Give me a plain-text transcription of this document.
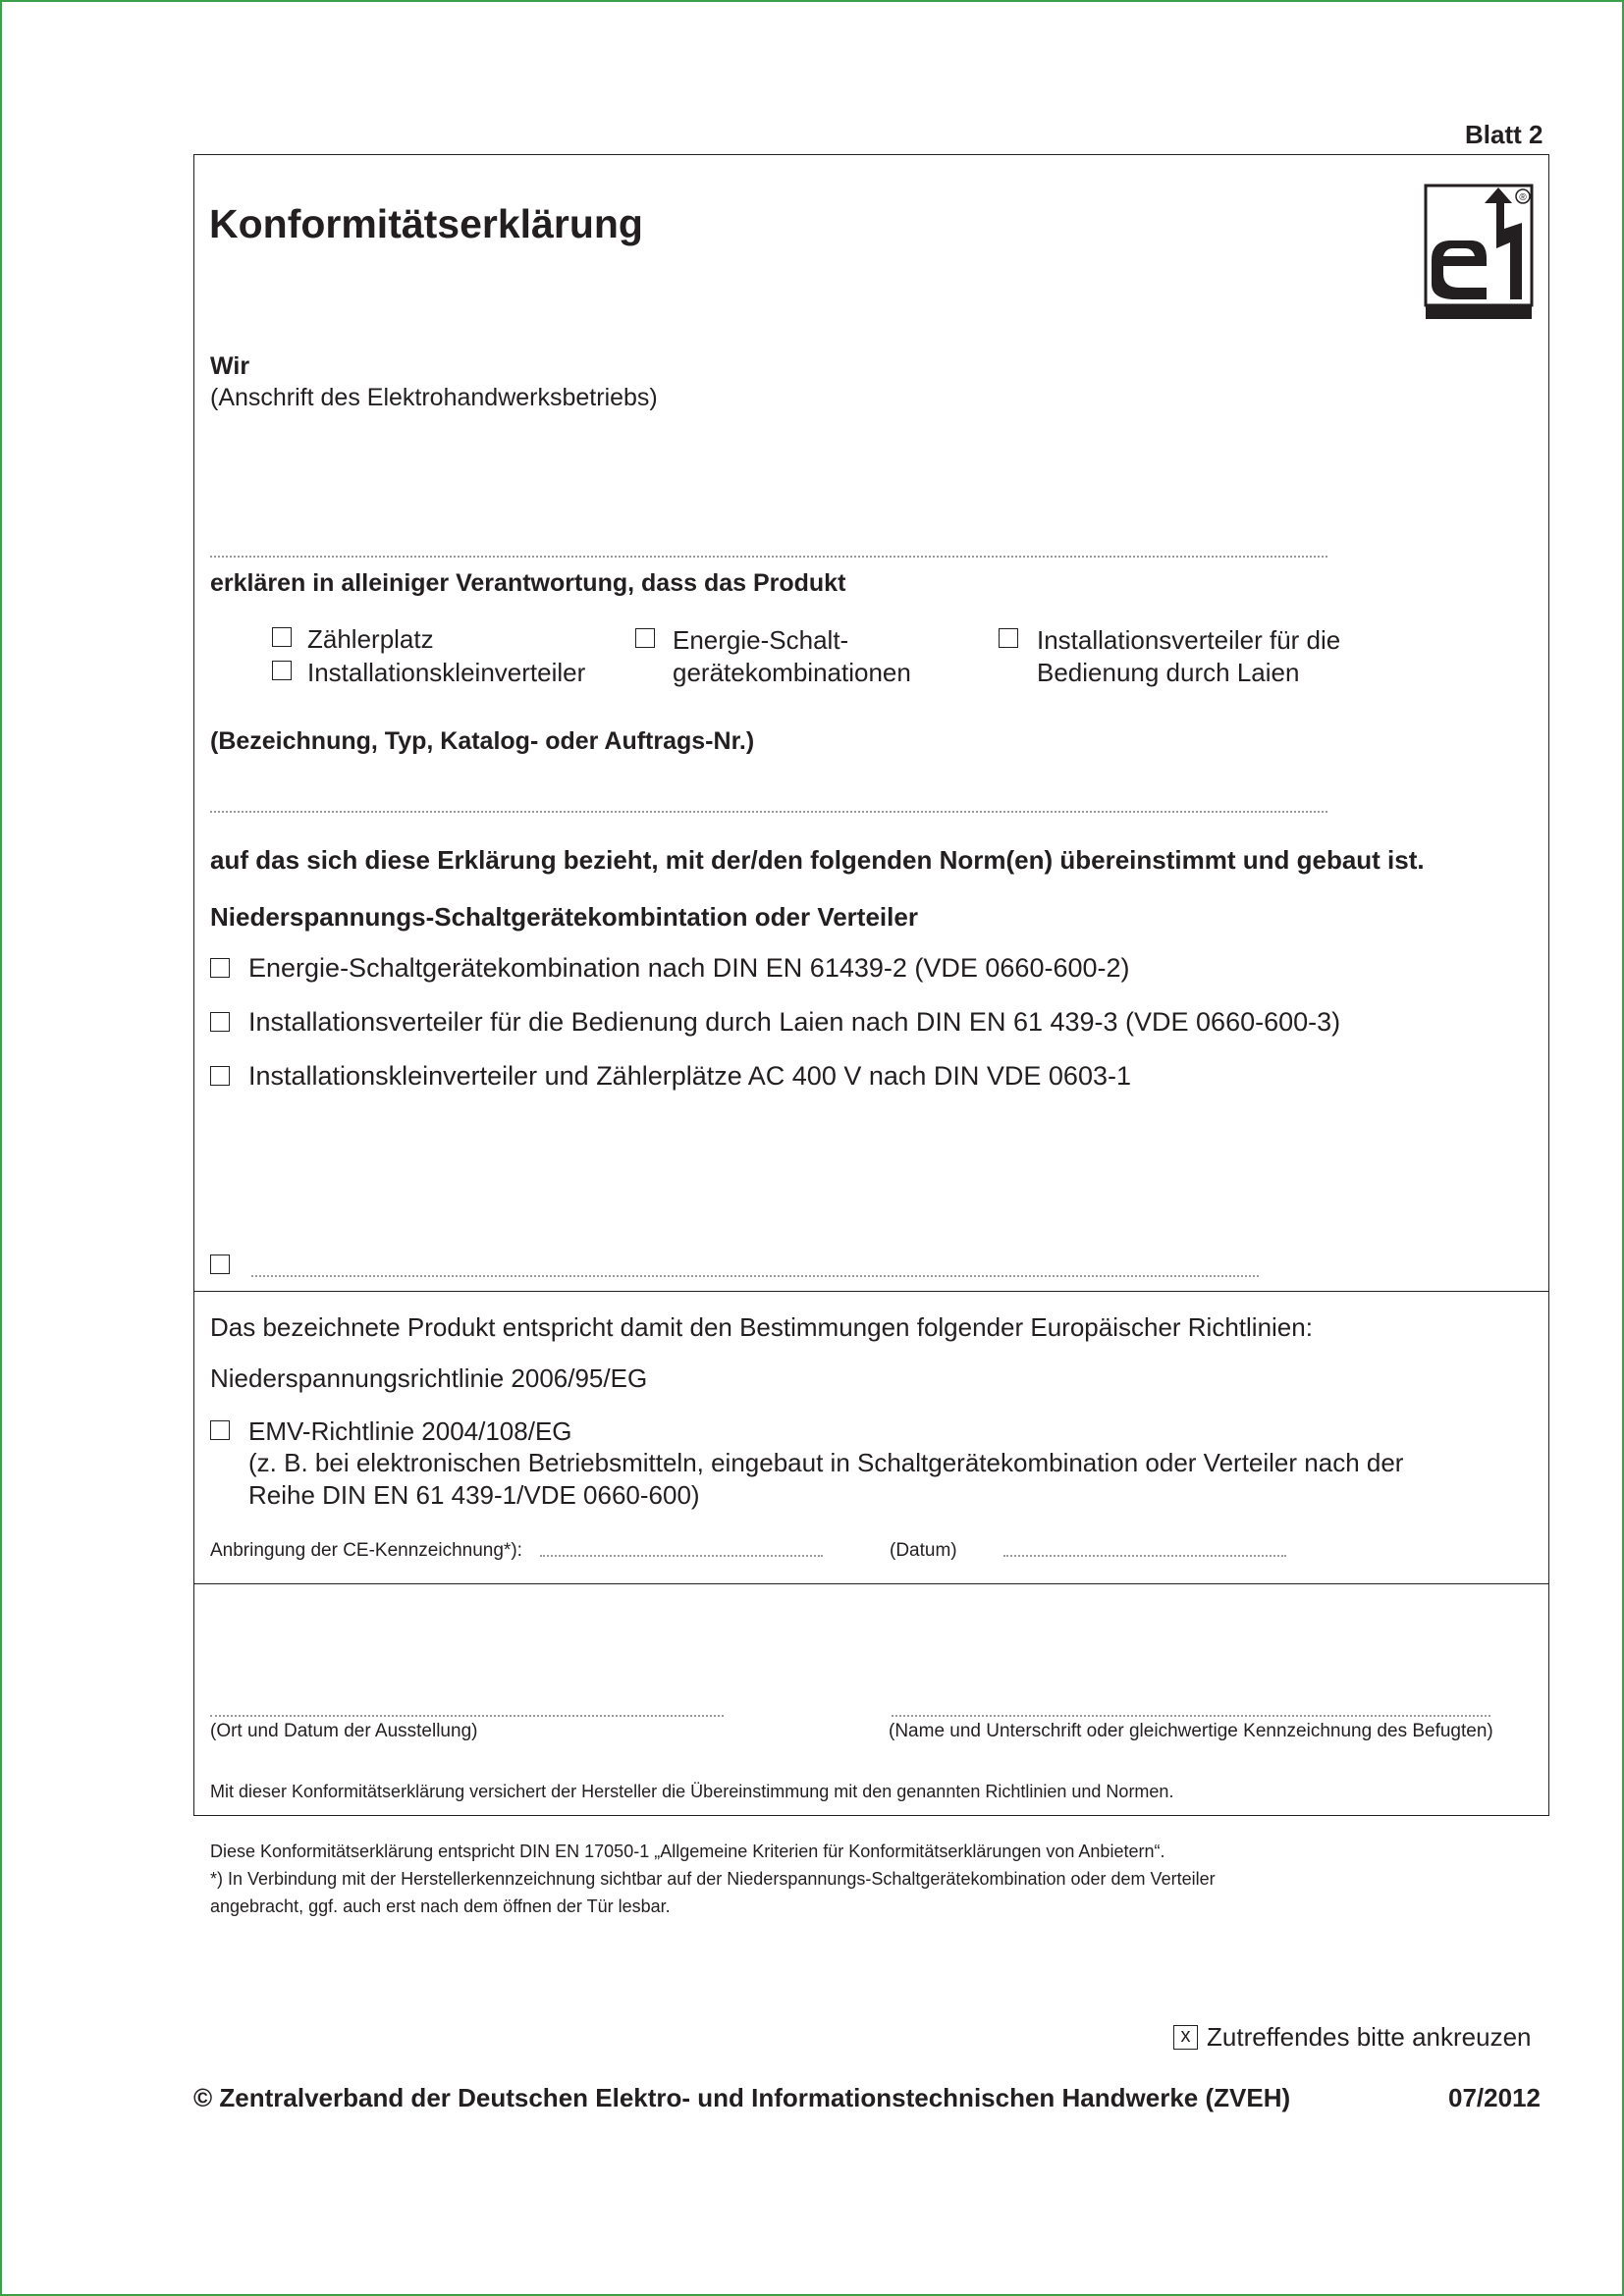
Blatt 2
Konformitätserklärung
®
Wir
(Anschrift des Elektrohandwerksbetriebs)
erklären in alleiniger Verantwortung, dass das Produkt
Zählerplatz
Installationskleinverteiler
Energie-Schalt-
gerätekombinationen
Installationsverteiler für die
Bedienung durch Laien
(Bezeichnung, Typ, Katalog- oder Auftrags-Nr.)
auf das sich diese Erklärung bezieht, mit der/den folgenden Norm(en) übereinstimmt und gebaut ist.
Niederspannungs-Schaltgerätekombintation oder Verteiler
Energie-Schaltgerätekombination nach DIN EN 61439-2 (VDE 0660-600-2)
Installationsverteiler für die Bedienung durch Laien nach DIN EN 61 439-3 (VDE 0660-600-3)
Installationskleinverteiler und Zählerplätze AC 400 V nach DIN VDE 0603-1
Das bezeichnete Produkt entspricht damit den Bestimmungen folgender Europäischer Richtlinien:
Niederspannungsrichtlinie 2006/95/EG
EMV-Richtlinie 2004/108/EG
(z. B. bei elektronischen Betriebsmitteln, eingebaut in Schaltgerätekombination oder Verteiler nach der
Reihe DIN EN 61 439-1/VDE 0660-600)
Anbringung der CE-Kennzeichnung*):	(Datum)
(Ort und Datum der Ausstellung)	(Name und Unterschrift oder gleichwertige Kennzeichnung des Befugten)
Mit dieser Konformitätserklärung versichert der Hersteller die Übereinstimmung mit den genannten Richtlinien und Normen.
Diese Konformitätserklärung entspricht DIN EN 17050-1 „Allgemeine Kriterien für Konformitätserklärungen von Anbietern“.
*) In Verbindung mit der Herstellerkennzeichnung sichtbar auf der Niederspannungs-Schaltgerätekombination oder dem Verteiler
angebracht, ggf. auch erst nach dem öffnen der Tür lesbar.
x Zutreffendes bitte ankreuzen
© Zentralverband der Deutschen Elektro- und Informationstechnischen Handwerke (ZVEH)	07/2012
